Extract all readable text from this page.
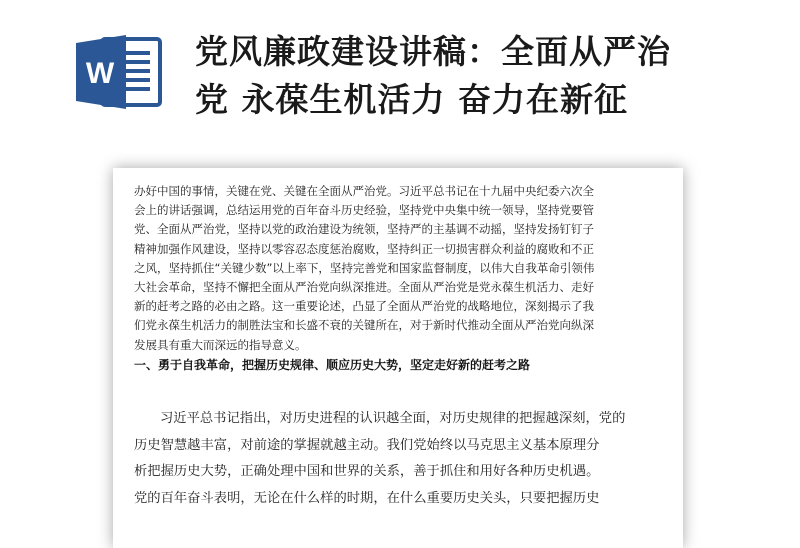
W
党风廉政建设讲稿：全面从严治
党 永葆生机活力 奋力在新征
办好中国的事情，关键在党、关键在全面从严治党。习近平总书记在十九届中央纪委六次全
会上的讲话强调，总结运用党的百年奋斗历史经验，坚持党中央集中统一领导，坚持党要管
党、全面从严治党，坚持以党的政治建设为统领，坚持严的主基调不动摇，坚持发扬钉钉子
精神加强作风建设，坚持以零容忍态度惩治腐败，坚持纠正一切损害群众利益的腐败和不正
之风，坚持抓住“关键少数”以上率下，坚持完善党和国家监督制度，以伟大自我革命引领伟
大社会革命，坚持不懈把全面从严治党向纵深推进。全面从严治党是党永葆生机活力、走好
新的赶考之路的必由之路。这一重要论述，凸显了全面从严治党的战略地位，深刻揭示了我
们党永葆生机活力的制胜法宝和长盛不衰的关键所在，对于新时代推动全面从严治党向纵深
发展具有重大而深远的指导意义。
一、勇于自我革命，把握历史规律、顺应历史大势，坚定走好新的赶考之路
习近平总书记指出，对历史进程的认识越全面，对历史规律的把握越深刻，党的
历史智慧越丰富，对前途的掌握就越主动。我们党始终以马克思主义基本原理分
析把握历史大势，正确处理中国和世界的关系，善于抓住和用好各种历史机遇。
党的百年奋斗表明，无论在什么样的时期，在什么重要历史关头，只要把握历史
